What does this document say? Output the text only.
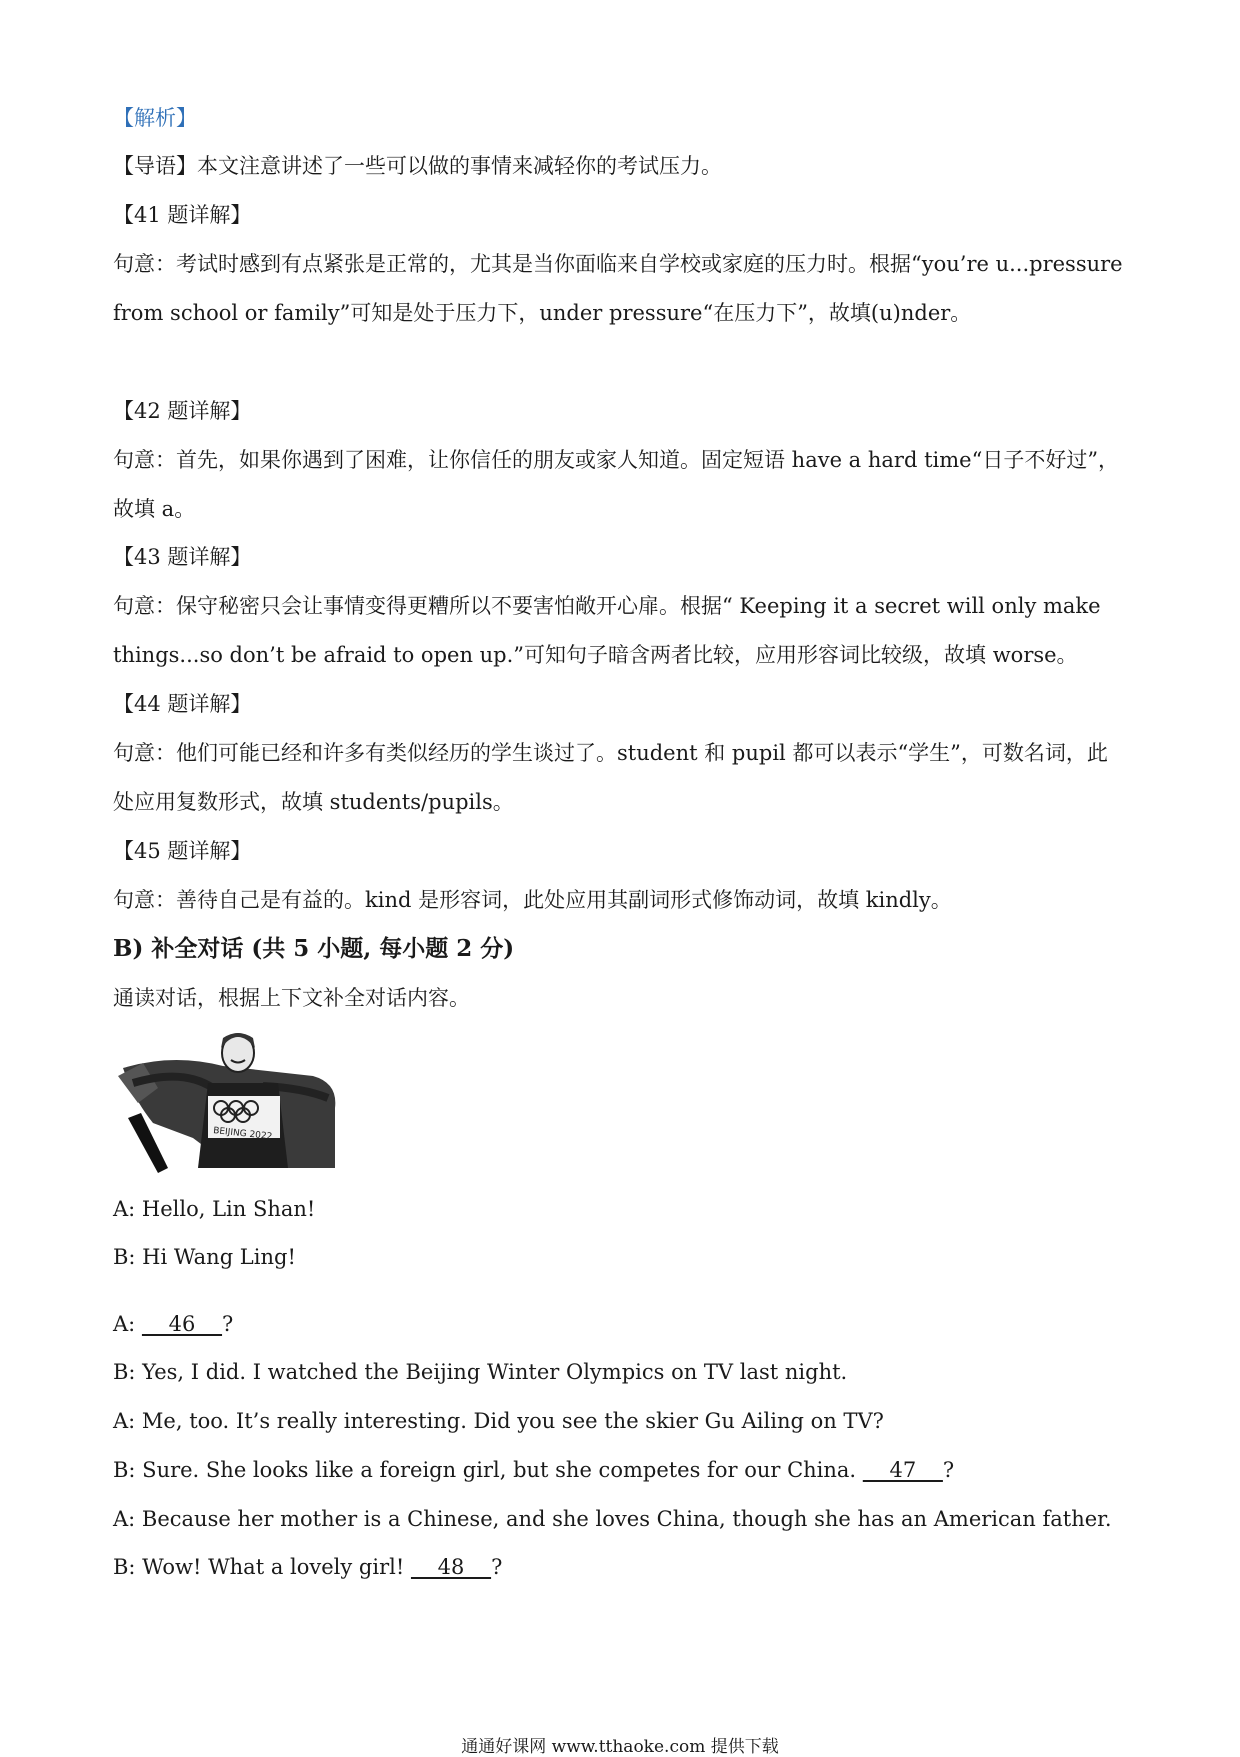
【解析】
【导语】本文注意讲述了一些可以做的事情来减轻你的考试压力。
【41 题详解】
句意：考试时感到有点紧张是正常的，尤其是当你面临来自学校或家庭的压力时。根据“you’re u...pressure
from school or family”可知是处于压力下，under pressure“在压力下”，故填(u)nder。
【42 题详解】
句意：首先，如果你遇到了困难，让你信任的朋友或家人知道。固定短语 have a hard time“日子不好过”，
故填 a。
【43 题详解】
句意：保守秘密只会让事情变得更糟所以不要害怕敞开心扉。根据“ Keeping it a secret will only make
things...so don’t be afraid to open up.”可知句子暗含两者比较，应用形容词比较级，故填 worse。
【44 题详解】
句意：他们可能已经和许多有类似经历的学生谈过了。student 和 pupil 都可以表示“学生”，可数名词，此
处应用复数形式，故填 students/pupils。
【45 题详解】
句意：善待自己是有益的。kind 是形容词，此处应用其副词形式修饰动词，故填 kindly。
B) 补全对话 (共 5 小题, 每小题 2 分)
通读对话，根据上下文补全对话内容。
BEIJING 2022
A: Hello, Lin Shan!
B: Hi Wang Ling!
A:     46    ?
B: Yes, I did. I watched the Beijing Winter Olympics on TV last night.
A: Me, too. It’s really interesting. Did you see the skier Gu Ailing on TV?
B: Sure. She looks like a foreign girl, but she competes for our China.     47    ?
A: Because her mother is a Chinese, and she loves China, though she has an American father.
B: Wow! What a lovely girl!     48    ?
通通好课网 www.tthaoke.com 提供下载
